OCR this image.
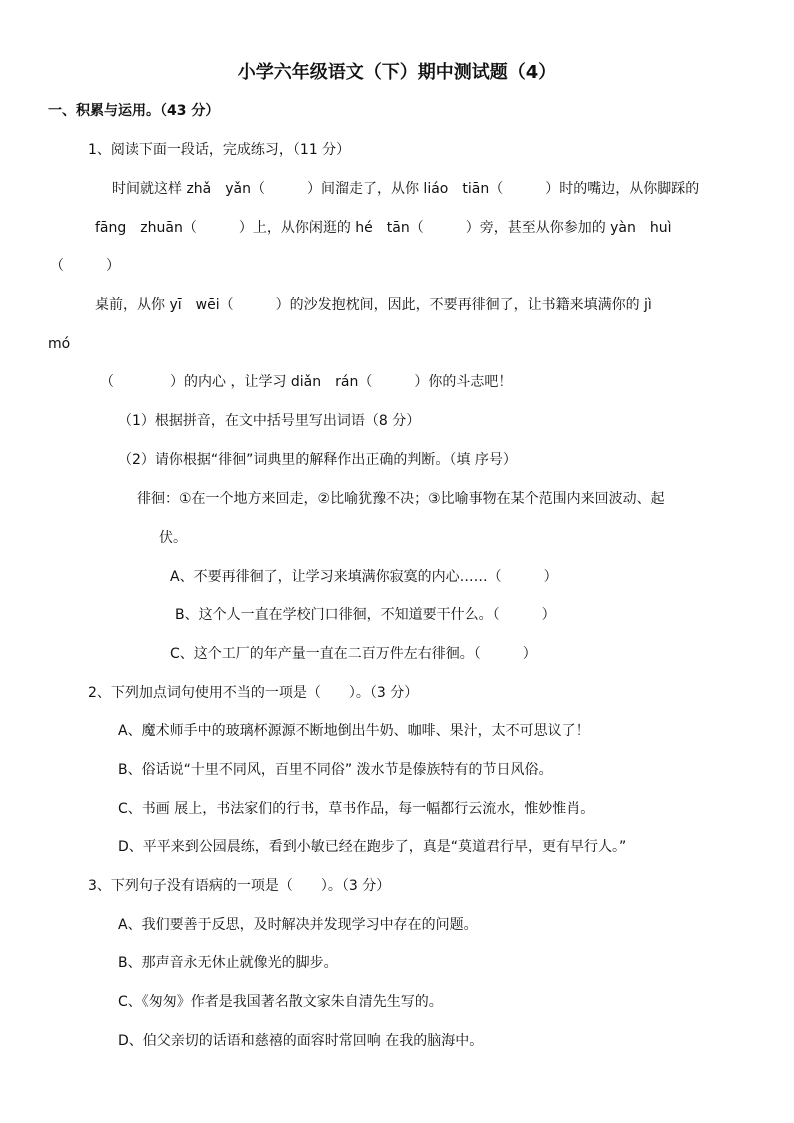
小学六年级语文（下）期中测试题（4）
一、积累与运用。（43 分）
1、阅读下面一段话，完成练习，（11 分）
时间就这样 zhǎ　yǎn（　　　）间溜走了，从你 liáo　tiān（　　　）时的嘴边，从你脚踩的
fāng　zhuān（　　　）上，从你闲逛的 hé　tān（　　　）旁，甚至从你参加的 yàn　huì
（　　　）
桌前，从你 yī　wēi（　　　）的沙发抱枕间，因此，不要再徘徊了，让书籍来填满你的 jì
mó
（　　　　）的内心 ，让学习 diǎn　rán（　　　）你的斗志吧！
（1）根据拼音，在文中括号里写出词语（8 分）
（2）请你根据“徘徊”词典里的解释作出正确的判断。（填 序号）
徘徊：①在一个地方来回走，②比喻犹豫不决；③比喻事物在某个范围内来回波动、起
伏。
A、不要再徘徊了，让学习来填满你寂寞的内心……（　　　）
B、这个人一直在学校门口徘徊，不知道要干什么。（　　　）
C、这个工厂的年产量一直在二百万件左右徘徊。（　　　）
2、下列加点词句使用不当的一项是（　　）。（3 分）
A、魔术师手中的玻璃杯源源不断地倒出牛奶、咖啡、果汁，太不可思议了！
B、俗话说“十里不同风，百里不同俗” 泼水节是傣族特有的节日风俗。
C、书画 展上，书法家们的行书，草书作品，每一幅都行云流水，惟妙惟肖。
D、平平来到公园晨练，看到小敏已经在跑步了，真是“莫道君行早，更有早行人。”
3、下列句子没有语病的一项是（　　）。（3 分）
A、我们要善于反思，及时解决并发现学习中存在的问题。
B、那声音永无休止就像光的脚步。
C、《匆匆》作者是我国著名散文家朱自清先生写的。
D、伯父亲切的话语和慈禧的面容时常回响 在我的脑海中。
